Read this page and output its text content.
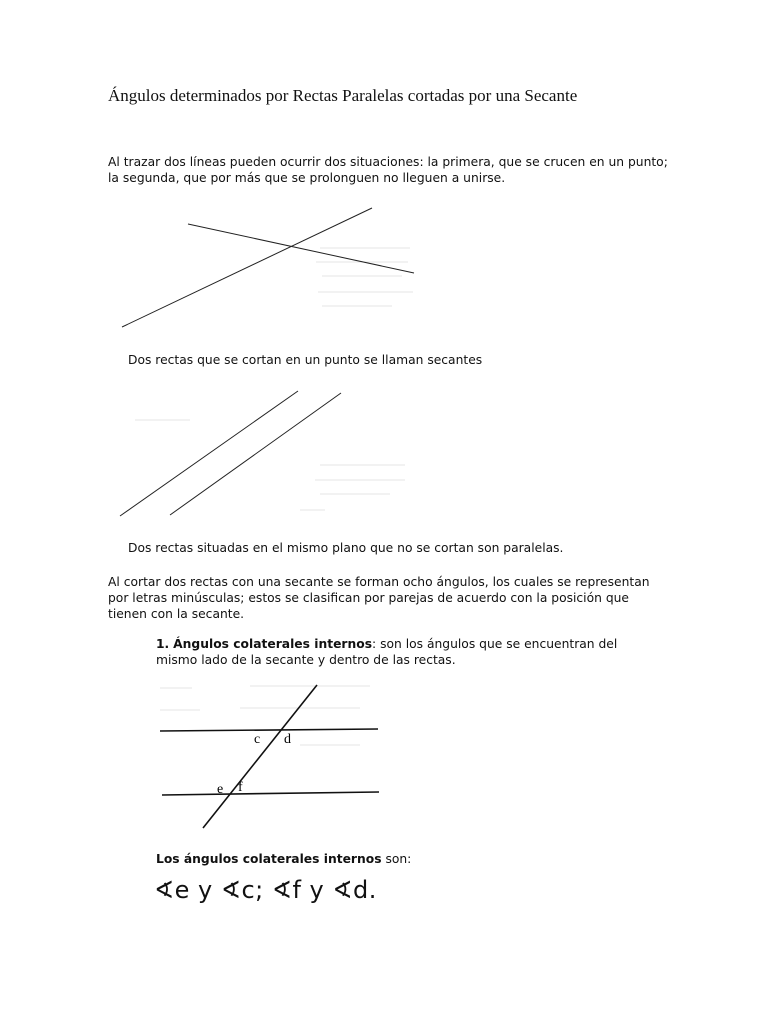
Ángulos determinados por Rectas Paralelas cortadas por una Secante
Al trazar dos líneas pueden ocurrir dos situaciones: la primera, que se crucen en un punto; la segunda, que por más que se prolonguen no lleguen a unirse.
c d
e f
Dos rectas que se cortan en un punto se llaman secantes
Dos rectas situadas en el mismo plano que no se cortan son paralelas.
Al cortar dos rectas con una secante se forman ocho ángulos, los cuales se representan por letras minúsculas; estos se clasifican por parejas de acuerdo con la posición que tienen con la secante.
1. Ángulos colaterales internos: son los ángulos que se encuentran del mismo lado de la secante y dentro de las rectas.
Los ángulos colaterales internos son:
∢e y ∢c; ∢f y ∢d.
